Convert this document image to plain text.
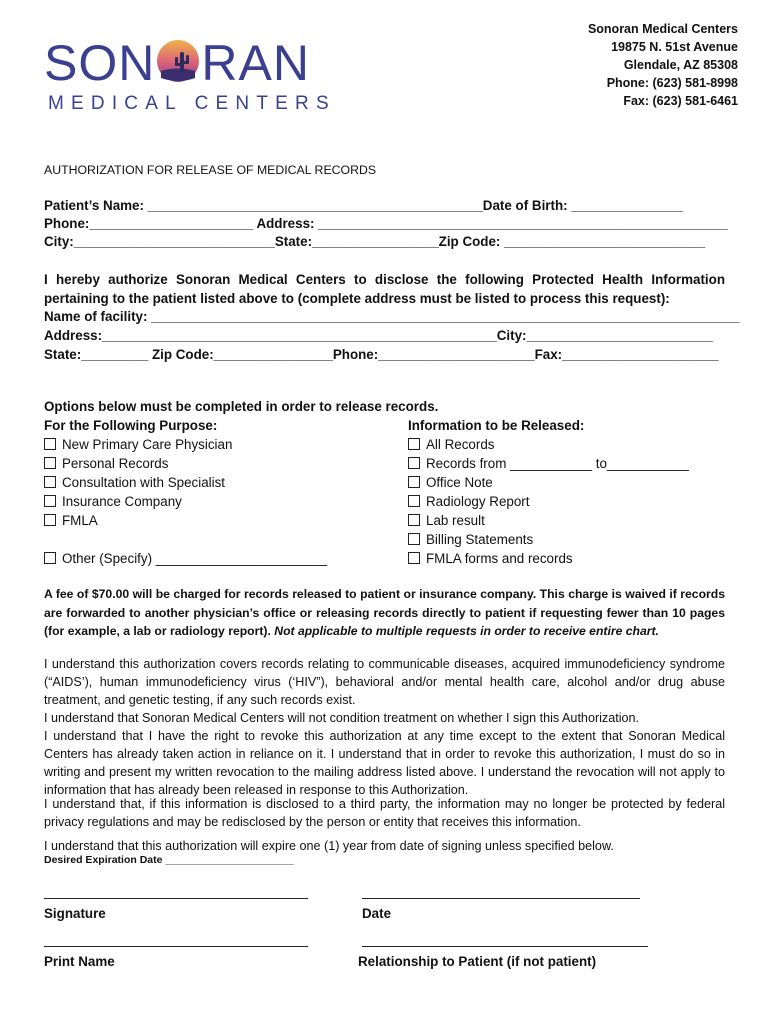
SON RAN
MEDICAL CENTERS
Sonoran Medical Centers
19875 N. 51st Avenue
Glendale, AZ 85308
Phone: (623) 581-8998
Fax: (623) 581-6461
AUTHORIZATION FOR RELEASE OF MEDICAL RECORDS
Patient’s Name: _____________________________________________Date of Birth: _______________
Phone:______________________ Address: _______________________________________________________
City:___________________________State:_________________Zip Code: ___________________________
I hereby authorize Sonoran Medical Centers to disclose the following Protected Health Information pertaining to the patient listed above to (complete address must be listed to process this request):
Name of facility: _______________________________________________________________________________
Address:_____________________________________________________City:_________________________
State:_________ Zip Code:________________Phone:_____________________Fax:_____________________
Options below must be completed in order to release records.
For the Following Purpose:	Information to be Released:
New Primary Care Physician
Personal Records
Consultation with Specialist
Insurance Company
FMLA
Other (Specify) _______________________
All Records
Records from ___________ to___________
Office Note
Radiology Report
Lab result
Billing Statements
FMLA forms and records
A fee of $70.00 will be charged for records released to patient or insurance company. This charge is waived if records are forwarded to another physician’s office or releasing records directly to patient if requesting fewer than 10 pages (for example, a lab or radiology report). Not applicable to multiple requests in order to receive entire chart.
I understand this authorization covers records relating to communicable diseases, acquired immunodeficiency syndrome (“AIDS’), human immunodeficiency virus (‘HIV”), behavioral and/or mental health care, alcohol and/or drug abuse treatment, and genetic testing, if any such records exist.
I understand that Sonoran Medical Centers will not condition treatment on whether I sign this Authorization.
I understand that I have the right to revoke this authorization at any time except to the extent that Sonoran Medical Centers has already taken action in reliance on it. I understand that in order to revoke this authorization, I must do so in writing and present my written revocation to the mailing address listed above. I understand the revocation will not apply to information that has already been released in response to this Authorization.
I understand that, if this information is disclosed to a third party, the information may no longer be protected by federal privacy regulations and may be redisclosed by the person or entity that receives this information.
I understand that this authorization will expire one (1) year from date of signing unless specified below.
Desired Expiration Date ______________________
Signature	Date
Print Name	Relationship to Patient (if not patient)
